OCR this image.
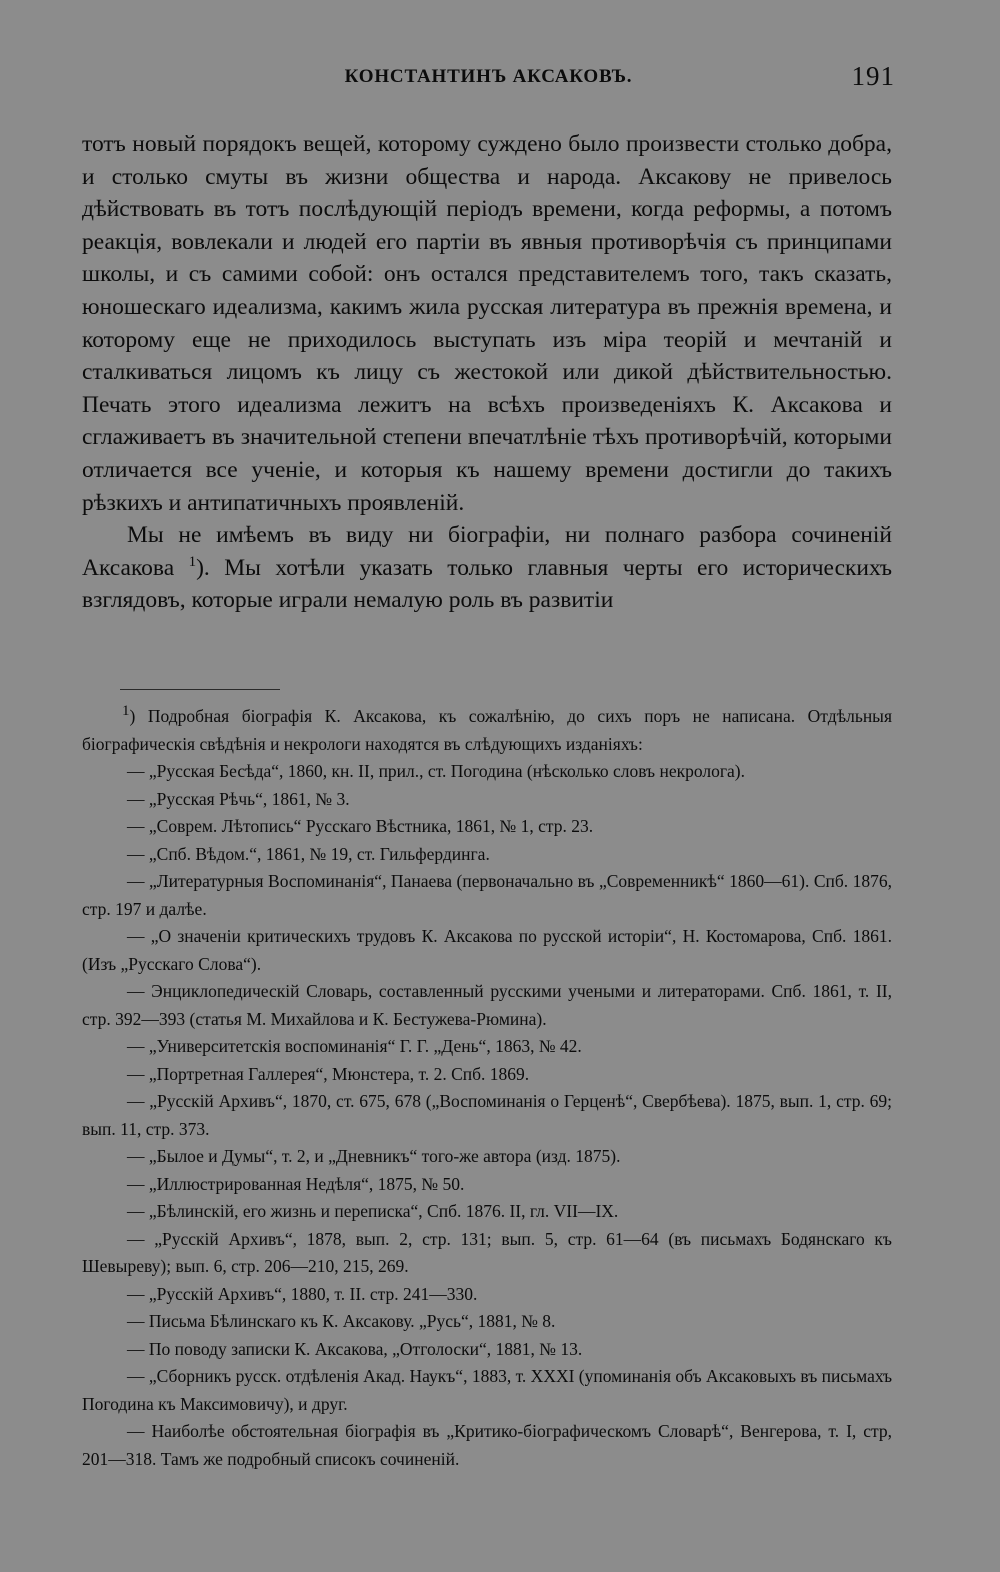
КОНСТАНТИНЪ АКСАКОВЪ.	191

тотъ новый порядокъ вещей, которому суждено было произвести столько добра, и столько смуты въ жизни общества и народа. Аксакову не привелось дѣйствовать въ тотъ послѣдующій періодъ времени, когда реформы, а потомъ реакція, вовлекали и людей его партіи въ явныя противорѣчія съ принципами школы, и съ самими собой: онъ остался представителемъ того, такъ сказать, юношескаго идеализма, какимъ жила русская литература въ прежнія времена, и которому еще не приходилось выступать изъ міра теорій и мечтаній и сталкиваться лицомъ къ лицу съ жестокой или дикой дѣйствительностью. Печать этого идеализма лежитъ на всѣхъ произведеніяхъ К. Аксакова и сглаживаетъ въ значительной степени впечатлѣніе тѣхъ противорѣчій, которыми отличается все ученіе, и которыя къ нашему времени достигли до такихъ рѣзкихъ и антипатичныхъ проявленій.

Мы не имѣемъ въ виду ни біографіи, ни полнаго разбора сочиненій Аксакова $^1$). Мы хотѣли указать только главныя черты его историческихъ взглядовъ, которые играли немалую роль въ развитіи

$^1$) Подробная біографія К. Аксакова, къ сожалѣнію, до сихъ поръ не написана. Отдѣльныя біографическія свѣдѣнія и некрологи находятся въ слѣдующихъ изданіяхъ:

— „Русская Бесѣда“, 1860, кн. II, прил., ст. Погодина (нѣсколько словъ некролога).

— „Русская Рѣчь“, 1861, № 3.

— „Соврем. Лѣтопись“ Русскаго Вѣстника, 1861, № 1, стр. 23.

— „Спб. Вѣдом.“, 1861, № 19, ст. Гильфердинга.

— „Литературныя Воспоминанія“, Панаева (первоначально въ „Современникѣ“ 1860—61). Спб. 1876, стр. 197 и далѣе.

— „О значеніи критическихъ трудовъ К. Аксакова по русской исторіи“, Н. Костомарова, Спб. 1861. (Изъ „Русскаго Слова“).

— Энциклопедическій Словарь, составленный русскими учеными и литераторами. Спб. 1861, т. II, стр. 392—393 (статья М. Михайлова и К. Бестужева-Рюмина).

— „Университетскія воспоминанія“ Г. Г. „День“, 1863, № 42.

— „Портретная Галлерея“, Мюнстера, т. 2. Спб. 1869.

— „Русскій Архивъ“, 1870, ст. 675, 678 („Воспоминанія о Герценѣ“, Свербѣева). 1875, вып. 1, стр. 69; вып. 11, стр. 373.

— „Былое и Думы“, т. 2, и „Дневникъ“ того-же автора (изд. 1875).

— „Иллюстрированная Недѣля“, 1875, № 50.

— „Бѣлинскій, его жизнь и переписка“, Спб. 1876. II, гл. VII—IX.

— „Русскій Архивъ“, 1878, вып. 2, стр. 131; вып. 5, стр. 61—64 (въ письмахъ Бодянскаго къ Шевыреву); вып. 6, стр. 206—210, 215, 269.

— „Русскій Архивъ“, 1880, т. II. стр. 241—330.

— Письма Бѣлинскаго къ К. Аксакову. „Русь“, 1881, № 8.

— По поводу записки К. Аксакова, „Отголоски“, 1881, № 13.

— „Сборникъ русск. отдѣленія Акад. Наукъ“, 1883, т. XXXI (упоминанія объ Аксаковыхъ въ письмахъ Погодина къ Максимовичу), и друг.

— Наиболѣе обстоятельная біографія въ „Критико-біографическомъ Словарѣ“, Венгерова, т. I, стр, 201—318. Тамъ же подробный списокъ сочиненій.
